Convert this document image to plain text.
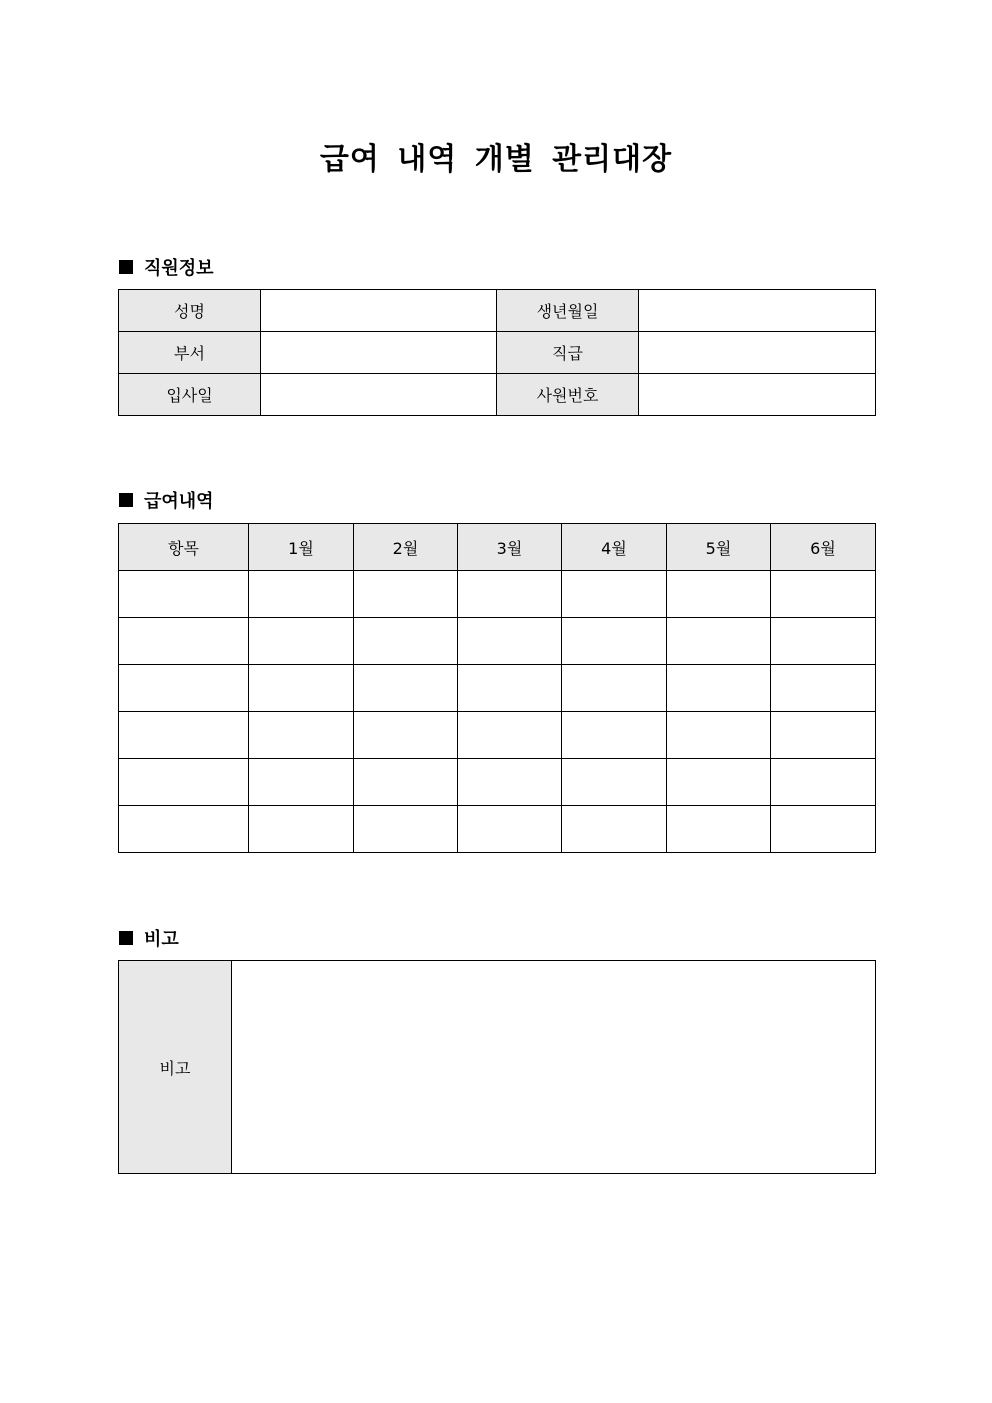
급여 내역 개별 관리대장
직원정보
성명		생년월일	
부서		직급	
입사일		사원번호	
급여내역
항목	1월	2월	3월	4월	5월	6월

비고
비고	
